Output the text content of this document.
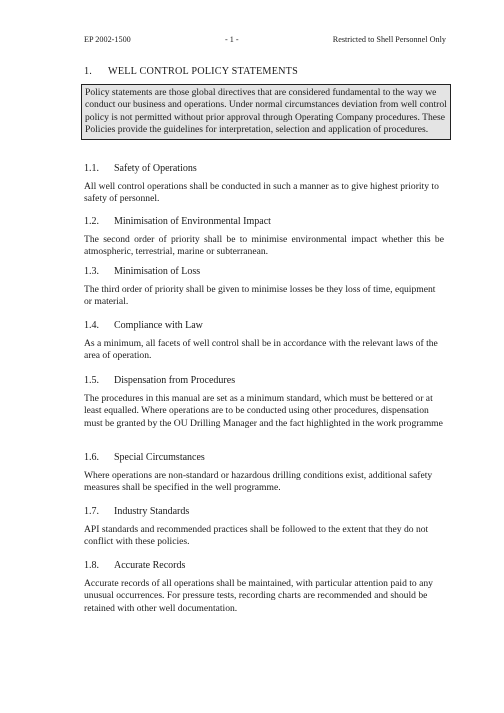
EP 2002-1500	- 1 -	Restricted to Shell Personnel Only
1. WELL CONTROL POLICY STATEMENTS
Policy statements are those global directives that are considered fundamental to the way we conduct our business and operations. Under normal circumstances deviation from well control policy is not permitted without prior approval through Operating Company procedures. These Policies provide the guidelines for interpretation, selection and application of procedures.

1.1. Safety of Operations

All well control operations shall be conducted in such a manner as to give highest priority to safety of personnel.

1.2. Minimisation of Environmental Impact

The second order of priority shall be to minimise environmental impact whether this be atmospheric, terrestrial, marine or subterranean.

1.3. Minimisation of Loss

The third order of priority shall be given to minimise losses be they loss of time, equipment or material.

1.4. Compliance with Law

As a minimum, all facets of well control shall be in accordance with the relevant laws of the area of operation.

1.5. Dispensation from Procedures

The procedures in this manual are set as a minimum standard, which must be bettered or at least equalled. Where operations are to be conducted using other procedures, dispensation must be granted by the OU Drilling Manager and the fact highlighted in the work programme

1.6. Special Circumstances

Where operations are non-standard or hazardous drilling conditions exist, additional safety measures shall be specified in the well programme.

1.7. Industry Standards

API standards and recommended practices shall be followed to the extent that they do not conflict with these policies.

1.8. Accurate Records

Accurate records of all operations shall be maintained, with particular attention paid to any unusual occurrences. For pressure tests, recording charts are recommended and should be retained with other well documentation.
